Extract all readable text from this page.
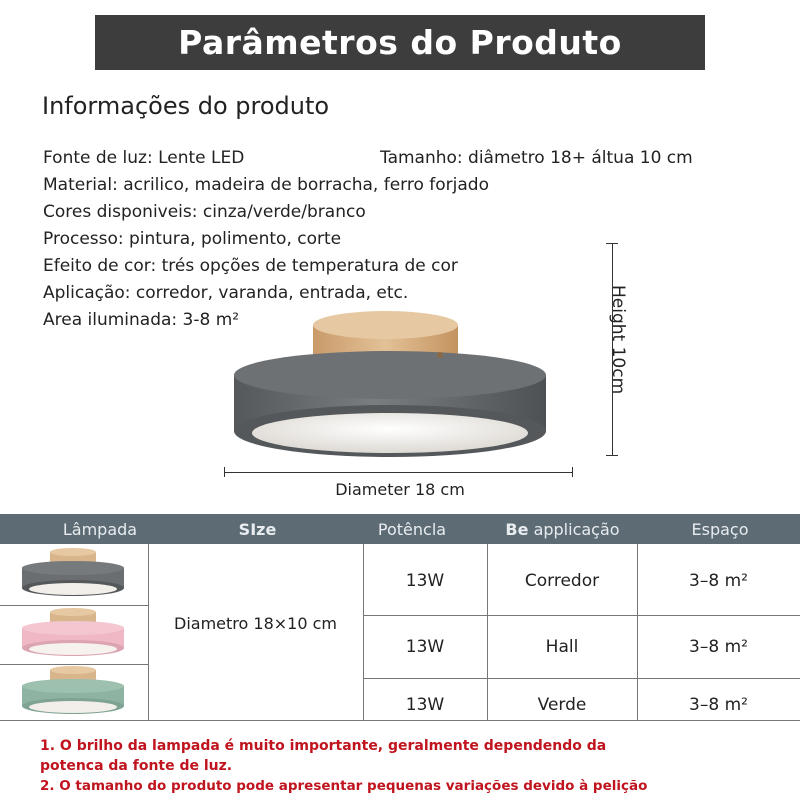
Parâmetros do Produto
Informações do produto
Fonte de luz: Lente LED	Tamanho: diâmetro 18+ áltua 10 cm
Material: acrilico, madeira de borracha, ferro forjado
Cores disponiveis: cinza/verde/branco
Processo: pintura, polimento, corte
Efeito de cor: trés opções de temperatura de cor
Aplicação: corredor, varanda, entrada, etc.
Area iluminada: 3-8 m²	Height 10cm
Diameter 18 cm
Lâmpada	SIze	Potêncla	Be applicação	Espaço
Diametro 18×10 cm
13W	Corredor	3–8 m²
13W	Hall	3–8 m²
13W	Verde	3–8 m²
1. O brilho da lampada é muito importante, geralmente dependendo da
potenca da fonte de luz.
2. O tamanho do produto pode apresentar pequenas variações devido à pelição
